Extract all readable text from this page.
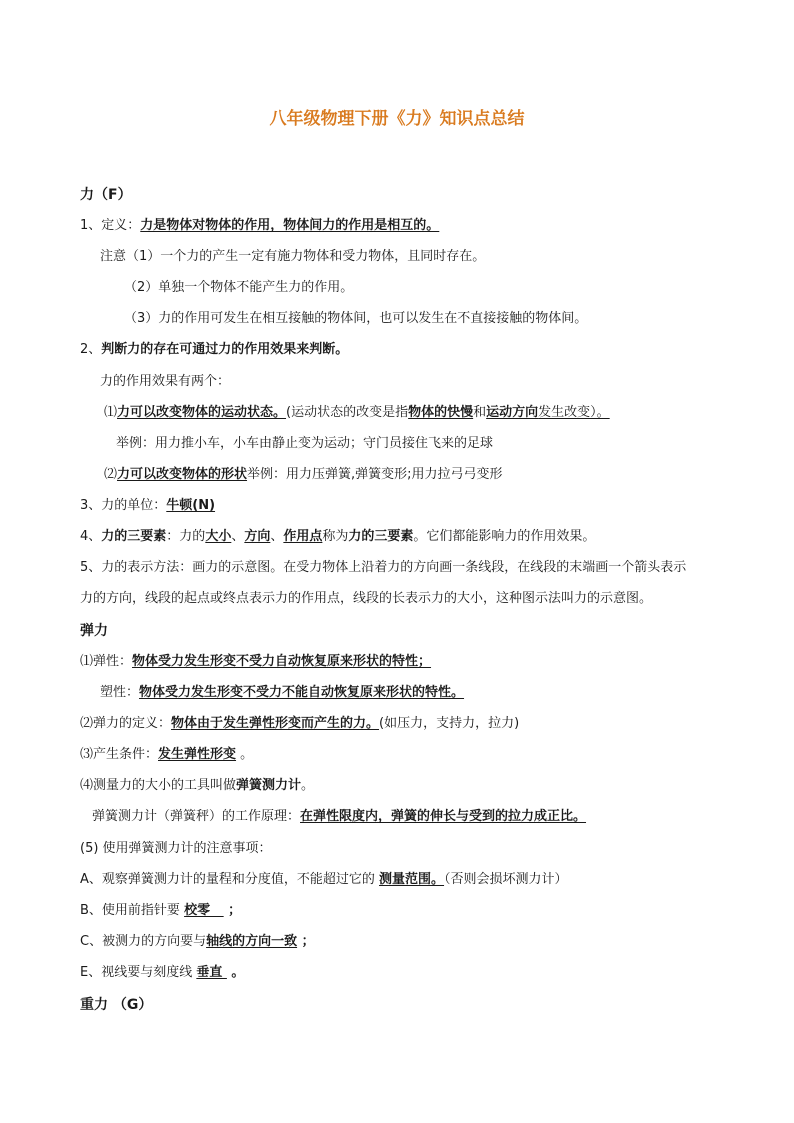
八年级物理下册《力》知识点总结
力（F）
1、定义：力是物体对物体的作用，物体间力的作用是相互的。
注意（1）一个力的产生一定有施力物体和受力物体，且同时存在。
（2）单独一个物体不能产生力的作用。
（3）力的作用可发生在相互接触的物体间，也可以发生在不直接接触的物体间。
2、判断力的存在可通过力的作用效果来判断。
力的作用效果有两个：
⑴力可以改变物体的运动状态。(运动状态的改变是指物体的快慢和运动方向发生改变）。
举例：用力推小车，小车由静止变为运动；守门员接住飞来的足球
⑵力可以改变物体的形状举例：用力压弹簧,弹簧变形;用力拉弓弓变形
3、力的单位：牛顿(N)
4、力的三要素：力的大小、方向、作用点称为力的三要素。它们都能影响力的作用效果。
5、力的表示方法：画力的示意图。在受力物体上沿着力的方向画一条线段，在线段的末端画一个箭头表示
力的方向，线段的起点或终点表示力的作用点，线段的长表示力的大小，这种图示法叫力的示意图。
弹力
⑴弹性：物体受力发生形变不受力自动恢复原来形状的特性；
塑性：物体受力发生形变不受力不能自动恢复原来形状的特性。
⑵弹力的定义：物体由于发生弹性形变而产生的力。(如压力，支持力，拉力)
⑶产生条件：发生弹性形变 。
⑷测量力的大小的工具叫做弹簧测力计。
弹簧测力计（弹簧秤）的工作原理：在弹性限度内，弹簧的伸长与受到的拉力成正比。
(5) 使用弹簧测力计的注意事项：
A、观察弹簧测力计的量程和分度值，不能超过它的 测量范围。（否则会损坏测力计）
B、使用前指针要 校零    ；
C、被测力的方向要与轴线的方向一致 ；
E、视线要与刻度线 垂直  。
重力 （G）
